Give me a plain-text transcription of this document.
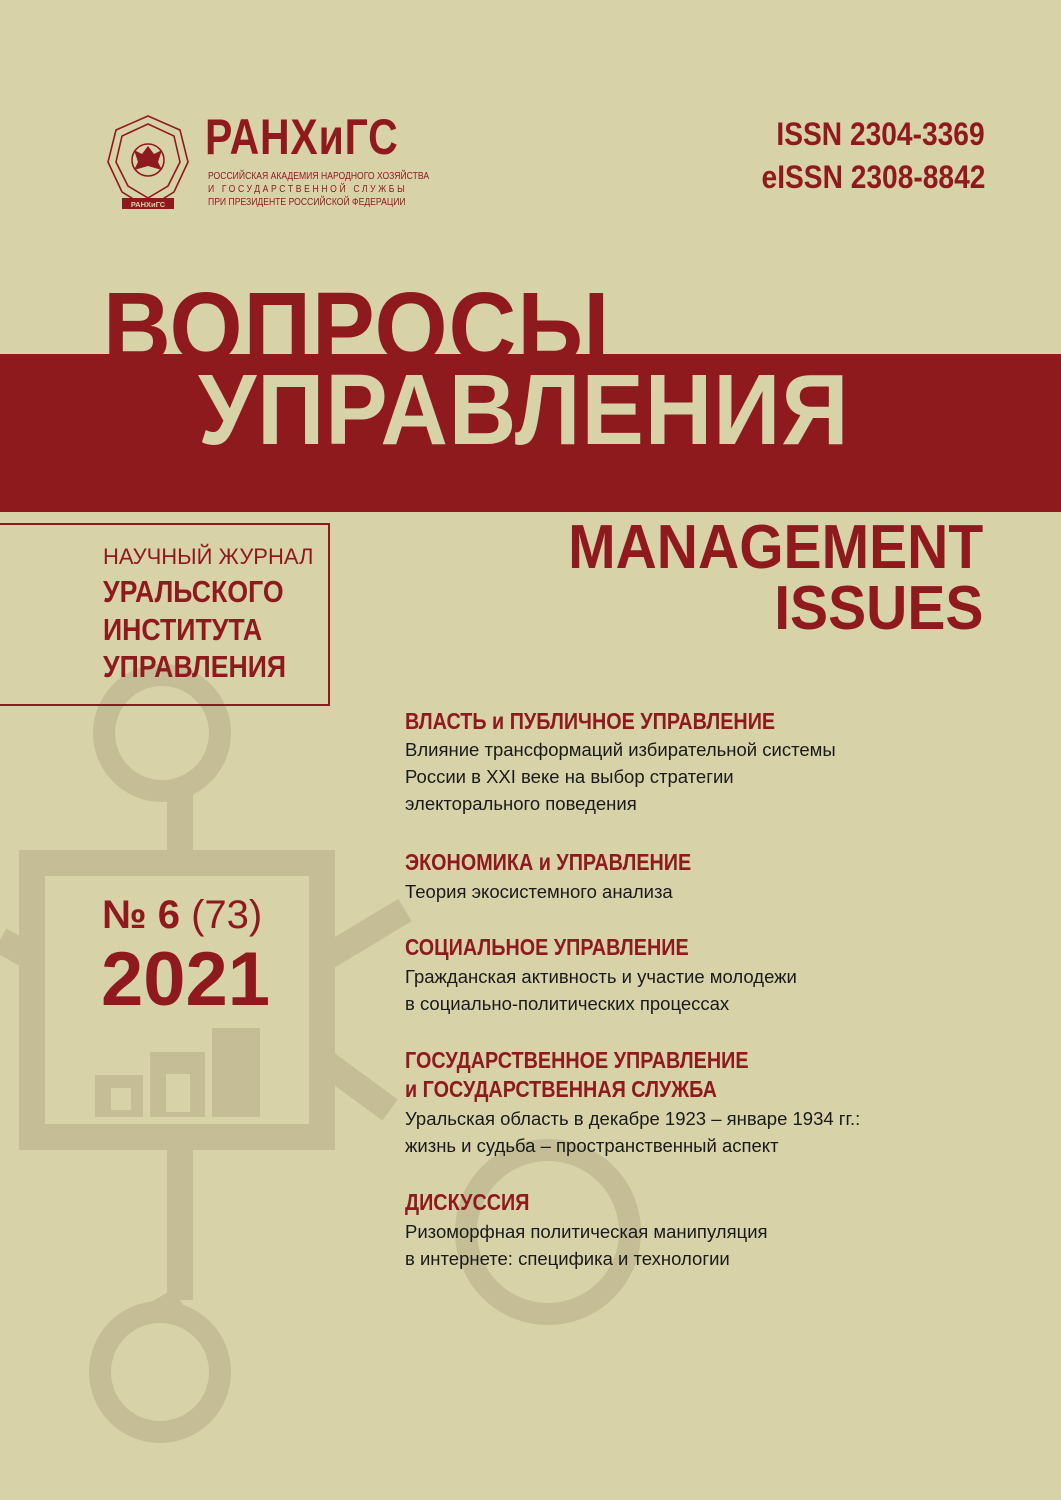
РАНХиГС
РАНХиГС
РОССИЙСКАЯ АКАДЕМИЯ НАРОДНОГО ХОЗЯЙСТВА
И ГОСУДАРСТВЕННОЙ СЛУЖБЫ
ПРИ ПРЕЗИДЕНТЕ РОССИЙСКОЙ ФЕДЕРАЦИИ
ISSN 2304-3369
eISSN 2308-8842
ВОПРОСЫ
УПРАВЛЕНИЯ
MANAGEMENT
ISSUES
НАУЧНЫЙ ЖУРНАЛ
УРАЛЬСКОГО
ИНСТИТУТА
УПРАВЛЕНИЯ
№ 6 (73)
2021
ВЛАСТЬ и ПУБЛИЧНОЕ УПРАВЛЕНИЕ
Влияние трансформаций избирательной системы
России в XXI веке на выбор стратегии
электорального поведения
ЭКОНОМИКА и УПРАВЛЕНИЕ
Теория экосистемного анализа
СОЦИАЛЬНОЕ УПРАВЛЕНИЕ
Гражданская активность и участие молодежи
в социально-политических процессах
ГОСУДАРСТВЕННОЕ УПРАВЛЕНИЕ
и ГОСУДАРСТВЕННАЯ СЛУЖБА
Уральская область в декабре 1923 – январе 1934 гг.:
жизнь и судьба – пространственный аспект
ДИСКУССИЯ
Ризоморфная политическая манипуляция
в интернете: специфика и технологии
